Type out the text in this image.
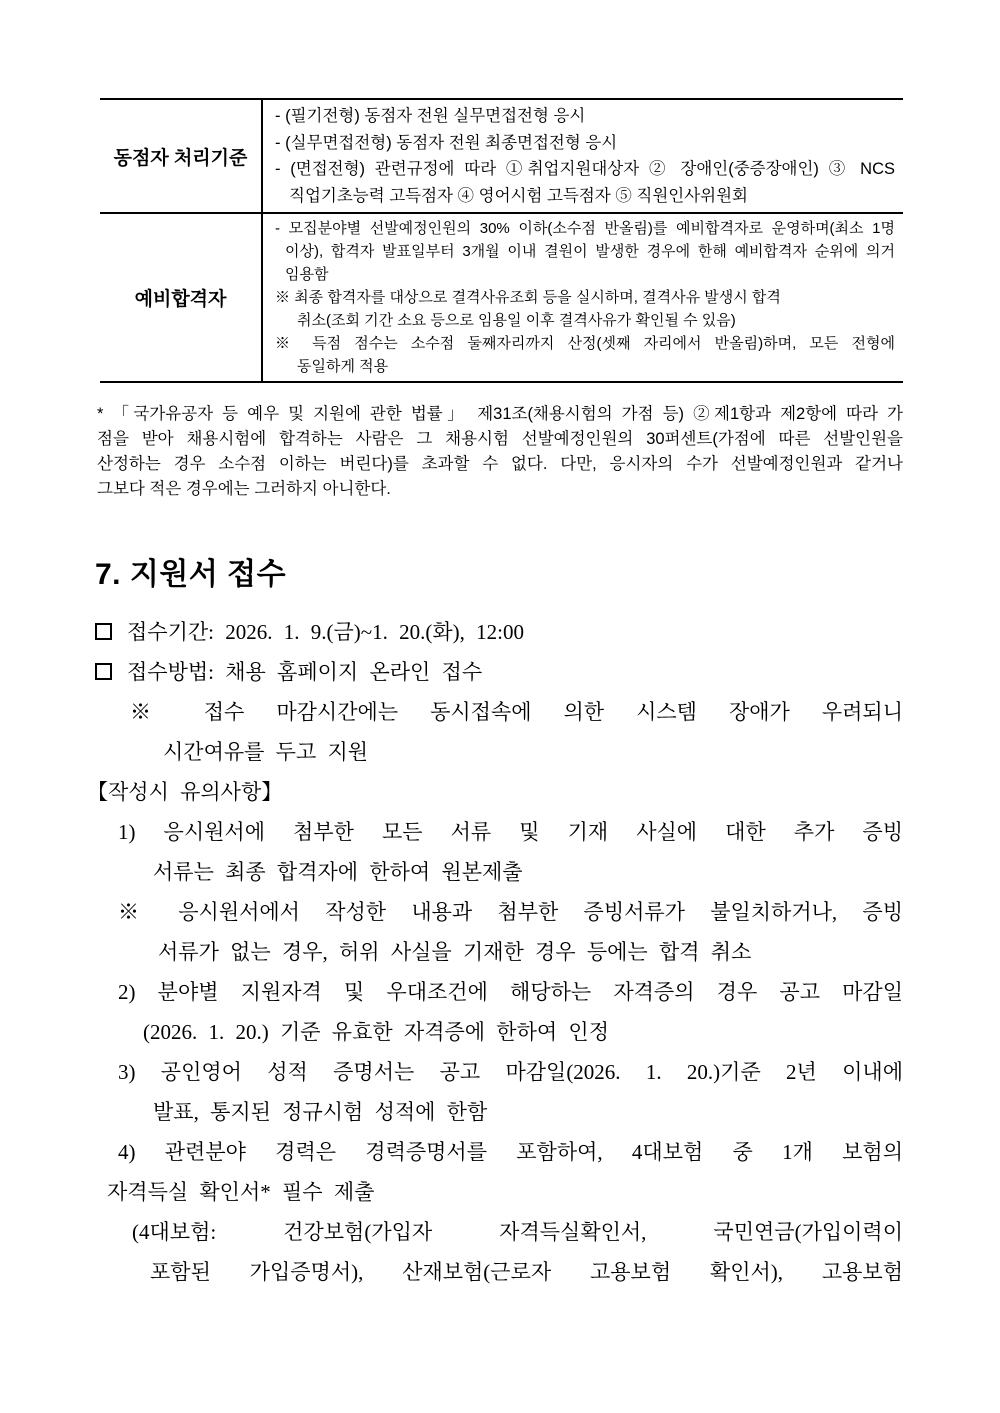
동점자 처리기준
- (필기전형) 동점자 전원 실무면접전형 응시
- (실무면접전형) 동점자 전원 최종면접전형 응시
- (면접전형) 관련규정에 따라 ①취업지원대상자 ② 장애인(중증장애인) ③ NCS
직업기초능력 고득점자 ④ 영어시험 고득점자 ⑤ 직원인사위원회
예비합격자
- 모집분야별 선발예정인원의 30% 이하(소수점 반올림)를 예비합격자로 운영하며(최소 1명
이상), 합격자 발표일부터 3개월 이내 결원이 발생한 경우에 한해 예비합격자 순위에 의거
임용함
※ 최종 합격자를 대상으로 결격사유조회 등을 실시하며, 결격사유 발생시 합격
취소(조회 기간 소요 등으로 임용일 이후 결격사유가 확인될 수 있음)
※ 득점 점수는 소수점 둘째자리까지 산정(셋째 자리에서 반올림)하며, 모든 전형에
동일하게 적용
* 「국가유공자 등 예우 및 지원에 관한 법률」 제31조(채용시험의 가점 등) ②제1항과 제2항에 따라 가
점을 받아 채용시험에 합격하는 사람은 그 채용시험 선발예정인원의 30퍼센트(가점에 따른 선발인원을
산정하는 경우 소수점 이하는 버린다)를 초과할 수 없다. 다만, 응시자의 수가 선발예정인원과 같거나
그보다 적은 경우에는 그러하지 아니한다.
7. 지원서 접수
접수기간: 2026. 1. 9.(금)~1. 20.(화), 12:00
접수방법: 채용 홈페이지 온라인 접수
※ 접수 마감시간에는 동시접속에 의한 시스템 장애가 우려되니
시간여유를 두고 지원
【작성시 유의사항】
1) 응시원서에 첨부한 모든 서류 및 기재 사실에 대한 추가 증빙
서류는 최종 합격자에 한하여 원본제출
※ 응시원서에서 작성한 내용과 첨부한 증빙서류가 불일치하거나, 증빙
서류가 없는 경우, 허위 사실을 기재한 경우 등에는 합격 취소
2) 분야별 지원자격 및 우대조건에 해당하는 자격증의 경우 공고 마감일
(2026. 1. 20.) 기준 유효한 자격증에 한하여 인정
3) 공인영어 성적 증명서는 공고 마감일(2026. 1. 20.)기준 2년 이내에
발표, 통지된 정규시험 성적에 한함
4) 관련분야 경력은 경력증명서를 포함하여, 4대보험 중 1개 보험의
자격득실 확인서* 필수 제출
(4대보험: 건강보험(가입자 자격득실확인서, 국민연금(가입이력이
포함된 가입증명서), 산재보험(근로자 고용보험 확인서), 고용보험
